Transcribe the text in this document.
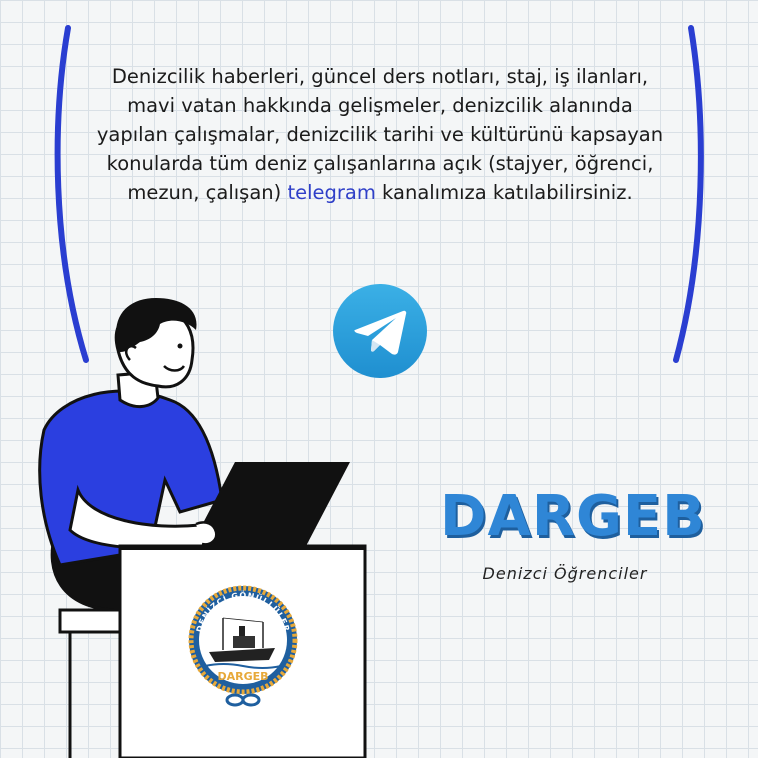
Denizcilik haberleri, güncel ders notları, staj, iş ilanları, mavi vatan hakkında gelişmeler, denizcilik alanında yapılan çalışmalar, denizcilik tarihi ve kültürünü kapsayan konularda tüm deniz çalışanlarına açık (stajyer, öğrenci, mezun, çalışan) telegram kanalımıza katılabilirsiniz.
DENİZCİ GÖNÜLLÜLER
DARGEB
DARGEB
Denizci Öğrenciler
